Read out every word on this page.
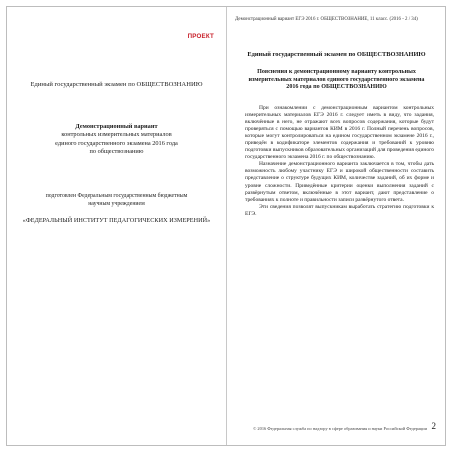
ПРОЕКТ
Единый государственный экзамен по ОБЩЕСТВОЗНАНИЮ
Демонстрационный вариант
контрольных измерительных материалов
единого государственного экзамена 2016 года
по обществознанию
подготовлен Федеральным государственным бюджетным
научным учреждением
«ФЕДЕРАЛЬНЫЙ ИНСТИТУТ ПЕДАГОГИЧЕСКИХ ИЗМЕРЕНИЙ»
Демонстрационный вариант ЕГЭ 2016 г. ОБЩЕСТВОЗНАНИЕ, 11 класс. (2016 - 2 / 34)
Единый государственный экзамен по ОБЩЕСТВОЗНАНИЮ
Пояснения к демонстрационному варианту контрольных
измерительных материалов единого государственного экзамена
2016 года по ОБЩЕСТВОЗНАНИЮ

При ознакомлении с демонстрационным вариантом контрольных измерительных материалов ЕГЭ 2016 г. следует иметь в виду, что задания, включённые в него, не отражают всех вопросов содержания, которые будут проверяться с помощью вариантов КИМ в 2016 г. Полный перечень вопросов, которые могут контролироваться на едином государственном экзамене 2016 г., приведён в кодификаторе элементов содержания и требований к уровню подготовки выпускников образовательных организаций для проведения единого государственного экзамена 2016 г. по обществознанию.

Назначение демонстрационного варианта заключается в том, чтобы дать возможность любому участнику ЕГЭ и широкой общественности составить представление о структуре будущих КИМ, количестве заданий, об их форме и уровне сложности. Приведённые критерии оценки выполнения заданий с развёрнутым ответом, включённые в этот вариант, дают представление о требованиях к полноте и правильности записи развёрнутого ответа.

Эти сведения позволят выпускникам выработать стратегию подготовки к ЕГЭ.

© 2016 Федеральная служба по надзору в сфере образования и науки Российской Федерации 2
